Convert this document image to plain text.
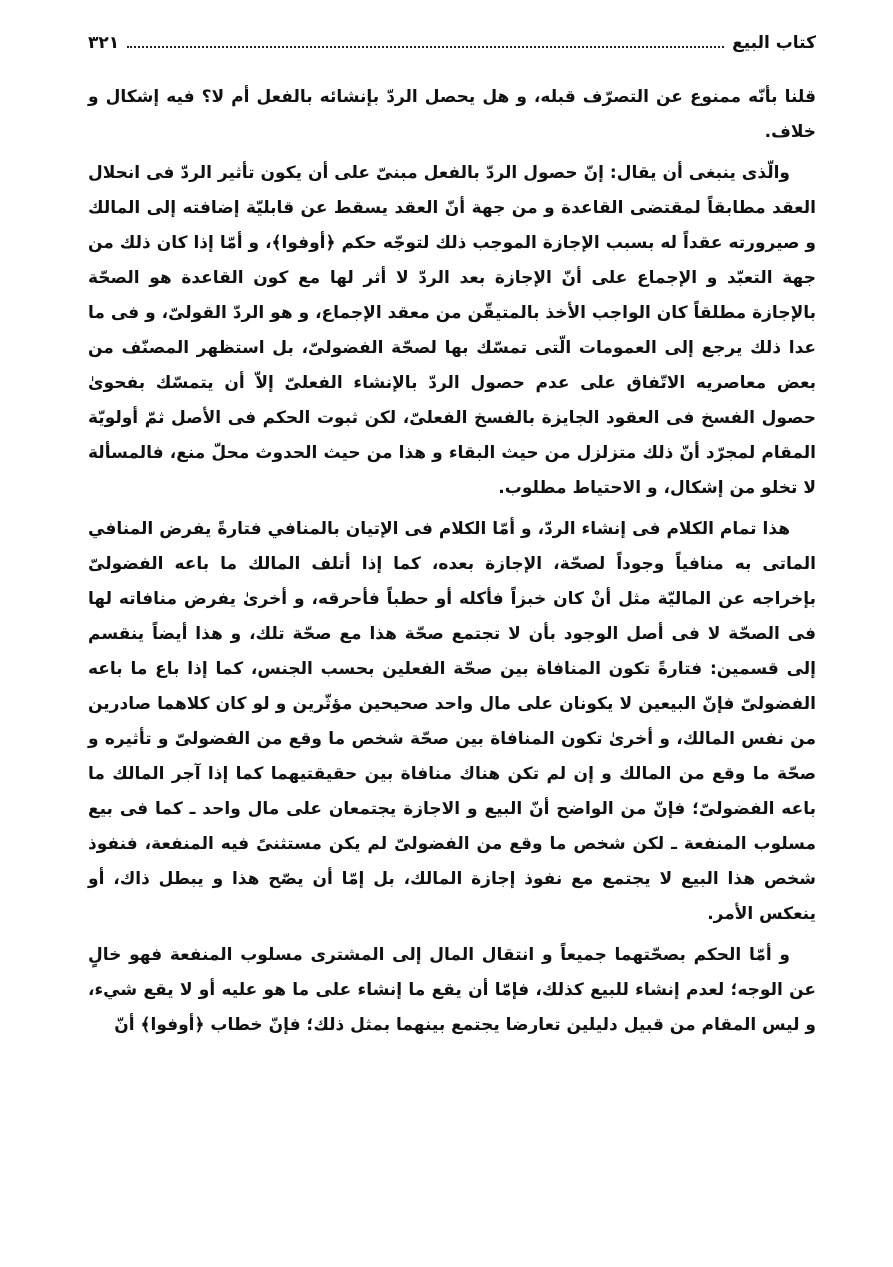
كتاب البيع
٣٢١

قلنا بأنّه ممنوع عن التصرّف قبله، و هل يحصل الردّ بإنشائه بالفعل أم لا؟ فيه إشكال و خلاف.

والّذى ينبغى أن يقال: إنّ حصول الردّ بالفعل مبنىّ على أن يكون تأثير الردّ فى انحلال العقد مطابقاً لمقتضى القاعدة و من جهة أنّ العقد يسقط عن قابليّة إضافته إلى المالك و صيرورته عقداً له بسبب الإجازة الموجب ذلك لتوجّه حكم ﴿أوفوا﴾، و أمّا إذا كان ذلك من جهة التعبّد و الإجماع على أنّ الإجازة بعد الردّ لا أثر لها مع كون القاعدة هو الصحّة بالإجازة مطلقاً كان الواجب الأخذ بالمتيقّن من معقد الإجماع، و هو الردّ القولىّ، و فى ما عدا ذلك يرجع إلى العمومات الّتى تمسّك بها لصحّة الفضولىّ، بل استظهر المصنّف من بعض معاصريه الاتّفاق على عدم حصول الردّ بالإنشاء الفعلىّ إلاّ أن يتمسّك بفحوىٰ حصول الفسخ فى العقود الجايزة بالفسخ الفعلىّ، لكن ثبوت الحكم فى الأصل ثمّ أولويّة المقام لمجرّد أنّ ذلك متزلزل من حيث البقاء و هذا من حيث الحدوث محلّ منع، فالمسألة لا تخلو من إشكال، و الاحتياط مطلوب.

هذا تمام الكلام فى إنشاء الردّ، و أمّا الكلام فى الإتيان بالمنافي فتارةً يفرض المنافي الماتى به منافياً وجوداً لصحّة، الإجازة بعده، كما إذا أتلف المالك ما باعه الفضولىّ بإخراجه عن الماليّة مثل أنْ كان خبزاً فأكله أو حطباً فأحرقه، و أخرىٰ يفرض منافاته لها فى الصحّة لا فى أصل الوجود بأن لا تجتمع صحّة هذا مع صحّة تلك، و هذا أيضاً ينقسم إلى قسمين: فتارةً تكون المنافاة بين صحّة الفعلين بحسب الجنس، كما إذا باع ما باعه الفضولىّ فإنّ البيعين لا يكونان على مال واحد صحيحين مؤثّرين و لو كان كلاهما صادرين من نفس المالك، و أخرىٰ تكون المنافاة بين صحّة شخص ما وقع من الفضولىّ و تأثيره و صحّة ما وقع من المالك و إن لم تكن هناك منافاة بين حقيقتيهما كما إذا آجر المالك ما باعه الفضولىّ؛ فإنّ من الواضح أنّ البيع و الاجازة يجتمعان على مال واحد ـ كما فى بيع مسلوب المنفعة ـ لكن شخص ما وقع من الفضولىّ لم يكن مستثنىً فيه المنفعة، فنفوذ شخص هذا البيع لا يجتمع مع نفوذ إجازة المالك، بل إمّا أن يصّح هذا و يبطل ذاك، أو ينعكس الأمر.

و أمّا الحكم بصحّتهما جميعاً و انتقال المال إلى المشترى مسلوب المنفعة فهو خالٍ عن الوجه؛ لعدم إنشاء للبيع كذلك، فإمّا أن يقع ما إنشاء على ما هو عليه أو لا يقع شيء، و ليس المقام من قبيل دليلين تعارضا يجتمع بينهما بمثل ذلك؛ فإنّ خطاب ﴿أوفوا﴾ أنّ
